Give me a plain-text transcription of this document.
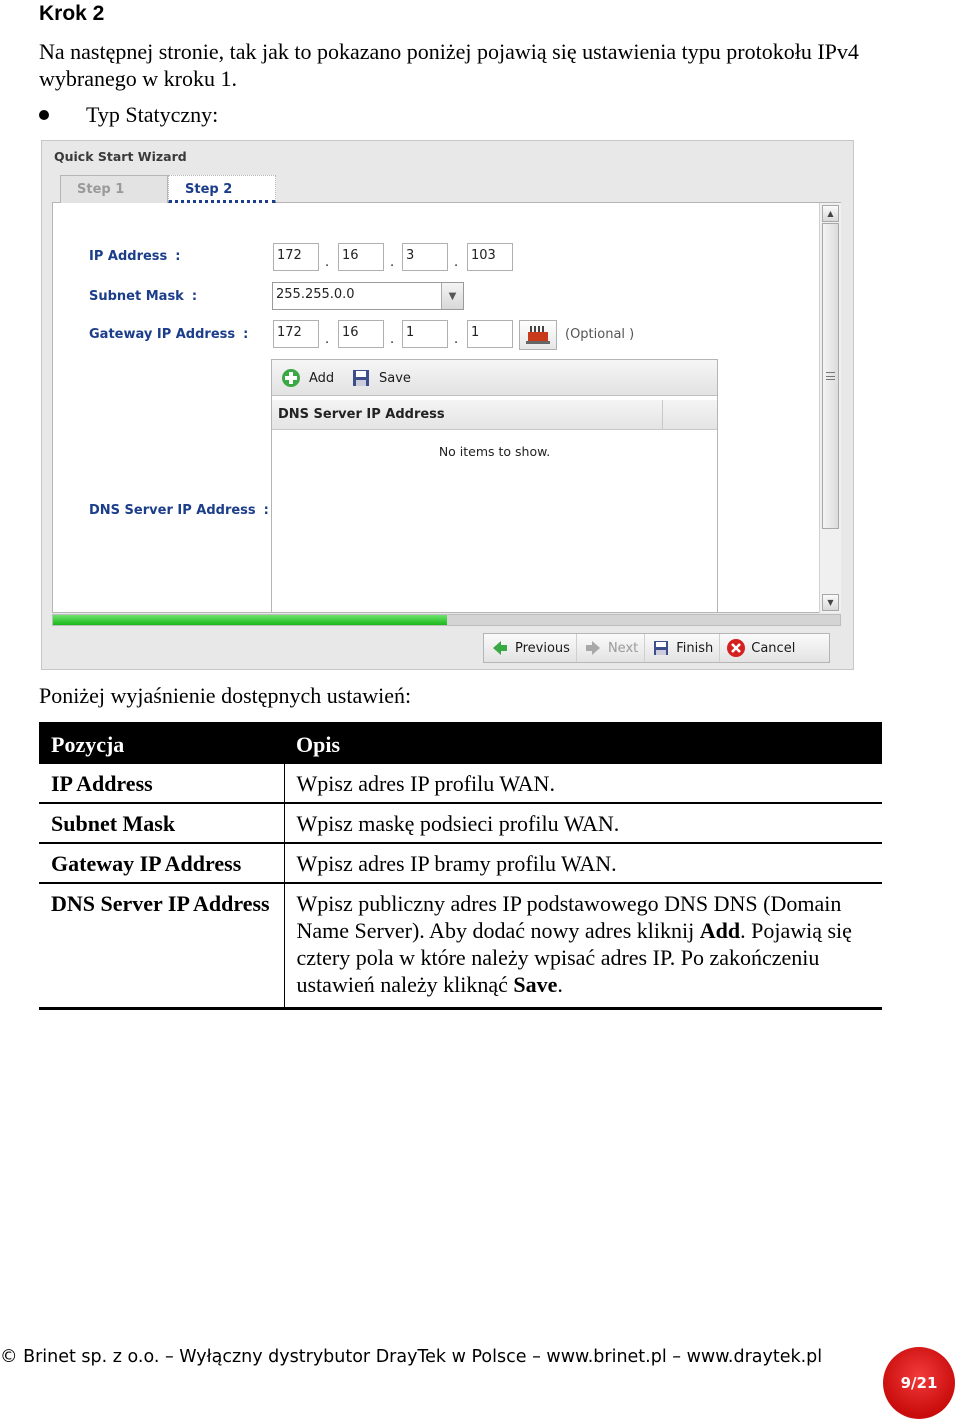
Krok 2
Na następnej stronie, tak jak to pokazano poniżej pojawią się ustawienia typu protokołu IPv4 wybranego w kroku 1.
Typ Statyczny:
Quick Start Wizard
Step 1	Step 2
IP Address :	172	. 16	. 3	. 103
Subnet Mask :	255.255.0.0	▼
Gateway IP Address :	172	. 16	. 1	. 1	(Optional )
Add	Save
DNS Server IP Address
No items to show.
DNS Server IP Address :
▲
▼
Previous	Next	Finish	Cancel
Poniżej wyjaśnienie dostępnych ustawień:
Pozycja	Opis
IP Address	Wpisz adres IP profilu WAN.
Subnet Mask	Wpisz maskę podsieci profilu WAN.
Gateway IP Address	Wpisz adres IP bramy profilu WAN.
DNS Server IP Address	Wpisz publiczny adres IP podstawowego DNS DNS (Domain Name Server). Aby dodać nowy adres kliknij Add. Pojawią się cztery pola w które należy wpisać adres IP. Po zakończeniu ustawień należy kliknąć Save.
© Brinet sp. z o.o. – Wyłączny dystrybutor DrayTek w Polsce – www.brinet.pl – www.draytek.pl
9/21
